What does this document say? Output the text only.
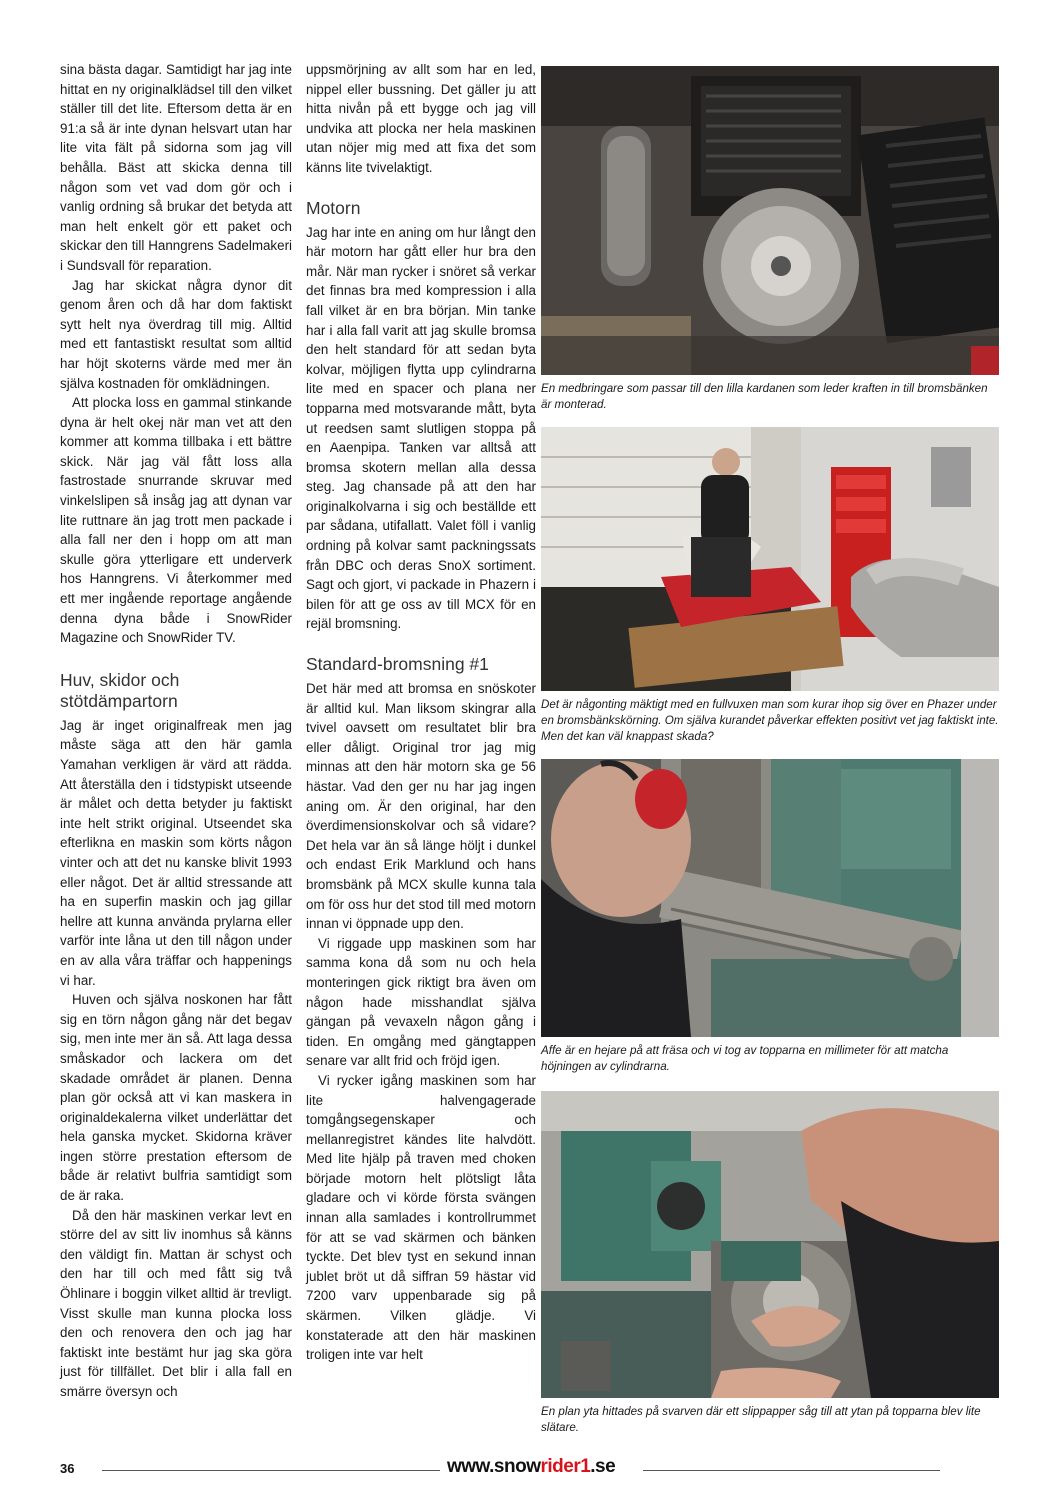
sina bästa dagar. Samtidigt har jag inte hittat en ny originalklädsel till den vilket ställer till det lite. Eftersom detta är en 91:a så är inte dynan helsvart utan har lite vita fält på sidorna som jag vill behålla. Bäst att skicka denna till någon som vet vad dom gör och i vanlig ordning så brukar det betyda att man helt enkelt gör ett paket och skickar den till Hanngrens Sadelmakeri i Sundsvall för reparation.

Jag har skickat några dynor dit genom åren och då har dom faktiskt sytt helt nya överdrag till mig. Alltid med ett fantastiskt resultat som alltid har höjt skoterns värde med mer än själva kostnaden för omklädningen.

Att plocka loss en gammal stinkande dyna är helt okej när man vet att den kommer att komma tillbaka i ett bättre skick. När jag väl fått loss alla fastrostade snurrande skruvar med vinkelslipen så insåg jag att dynan var lite ruttnare än jag trott men packade i alla fall ner den i hopp om att man skulle göra ytterligare ett underverk hos Hanngrens. Vi återkommer med ett mer ingående reportage angående denna dyna både i SnowRider Magazine och SnowRider TV.

Huv, skidor och stötdämpartorn

Jag är inget originalfreak men jag måste säga att den här gamla Yamahan verkligen är värd att rädda. Att återställa den i tidstypiskt utseende är målet och detta betyder ju faktiskt inte helt strikt original. Utseendet ska efterlikna en maskin som körts någon vinter och att det nu kanske blivit 1993 eller något. Det är alltid stressande att ha en superfin maskin och jag gillar hellre att kunna använda prylarna eller varför inte låna ut den till någon under en av alla våra träffar och happenings vi har.

Huven och själva noskonen har fått sig en törn någon gång när det begav sig, men inte mer än så. Att laga dessa småskador och lackera om det skadade området är planen. Denna plan gör också att vi kan maskera in originaldekalerna vilket underlättar det hela ganska mycket. Skidorna kräver ingen större prestation eftersom de både är relativt bulfria samtidigt som de är raka.

Då den här maskinen verkar levt en större del av sitt liv inomhus så känns den väldigt fin. Mattan är schyst och den har till och med fått sig två Öhlinare i boggin vilket alltid är trevligt. Visst skulle man kunna plocka loss den och renovera den och jag har faktiskt inte bestämt hur jag ska göra just för tillfället. Det blir i alla fall en smärre översyn och

uppsmörjning av allt som har en led, nippel eller bussning. Det gäller ju att hitta nivån på ett bygge och jag vill undvika att plocka ner hela maskinen utan nöjer mig med att fixa det som känns lite tvivelaktigt.

Motorn

Jag har inte en aning om hur långt den här motorn har gått eller hur bra den mår. När man rycker i snöret så verkar det finnas bra med kompression i alla fall vilket är en bra början. Min tanke har i alla fall varit att jag skulle bromsa den helt standard för att sedan byta kolvar, möjligen flytta upp cylindrarna lite med en spacer och plana ner topparna med motsvarande mått, byta ut reedsen samt slutligen stoppa på en Aaenpipa. Tanken var alltså att bromsa skotern mellan alla dessa steg. Jag chansade på att den har originalkolvarna i sig och beställde ett par sådana, utifallatt. Valet föll i vanlig ordning på kolvar samt packningssats från DBC och deras SnoX sortiment. Sagt och gjort, vi packade in Phazern i bilen för att ge oss av till MCX för en rejäl bromsning.

Standard-bromsning #1

Det här med att bromsa en snöskoter är alltid kul. Man liksom skingrar alla tvivel oavsett om resultatet blir bra eller dåligt. Original tror jag mig minnas att den här motorn ska ge 56 hästar. Vad den ger nu har jag ingen aning om. Är den original, har den överdimensionskolvar och så vidare? Det hela var än så länge höljt i dunkel och endast Erik Marklund och hans bromsbänk på MCX skulle kunna tala om för oss hur det stod till med motorn innan vi öppnade upp den.

Vi riggade upp maskinen som har samma kona då som nu och hela monteringen gick riktigt bra även om någon hade misshandlat själva gängan på vevaxeln någon gång i tiden. En omgång med gängtappen senare var allt frid och fröjd igen.

Vi rycker igång maskinen som har lite halvengagerade tomgångsegenskaper och mellanregistret kändes lite halvdött. Med lite hjälp på traven med choken började motorn helt plötsligt låta gladare och vi körde första svängen innan alla samlades i kontrollrummet för att se vad skärmen och bänken tyckte. Det blev tyst en sekund innan jublet bröt ut då siffran 59 hästar vid 7200 varv uppenbarade sig på skärmen. Vilken glädje. Vi konstaterade att den här maskinen troligen inte var helt

En medbringare som passar till den lilla kardanen som leder kraften in till bromsbänken är monterad.
Det är någonting mäktigt med en fullvuxen man som kurar ihop sig över en Phazer under en bromsbänkskörning. Om själva kurandet påverkar effekten positivt vet jag faktiskt inte. Men det kan väl knappast skada?
Affe är en hejare på att fräsa och vi tog av topparna en millimeter för att matcha höjningen av cylindrarna.
En plan yta hittades på svarven där ett slippapper såg till att ytan på topparna blev lite slätare.
36	www.snowrider1.se
